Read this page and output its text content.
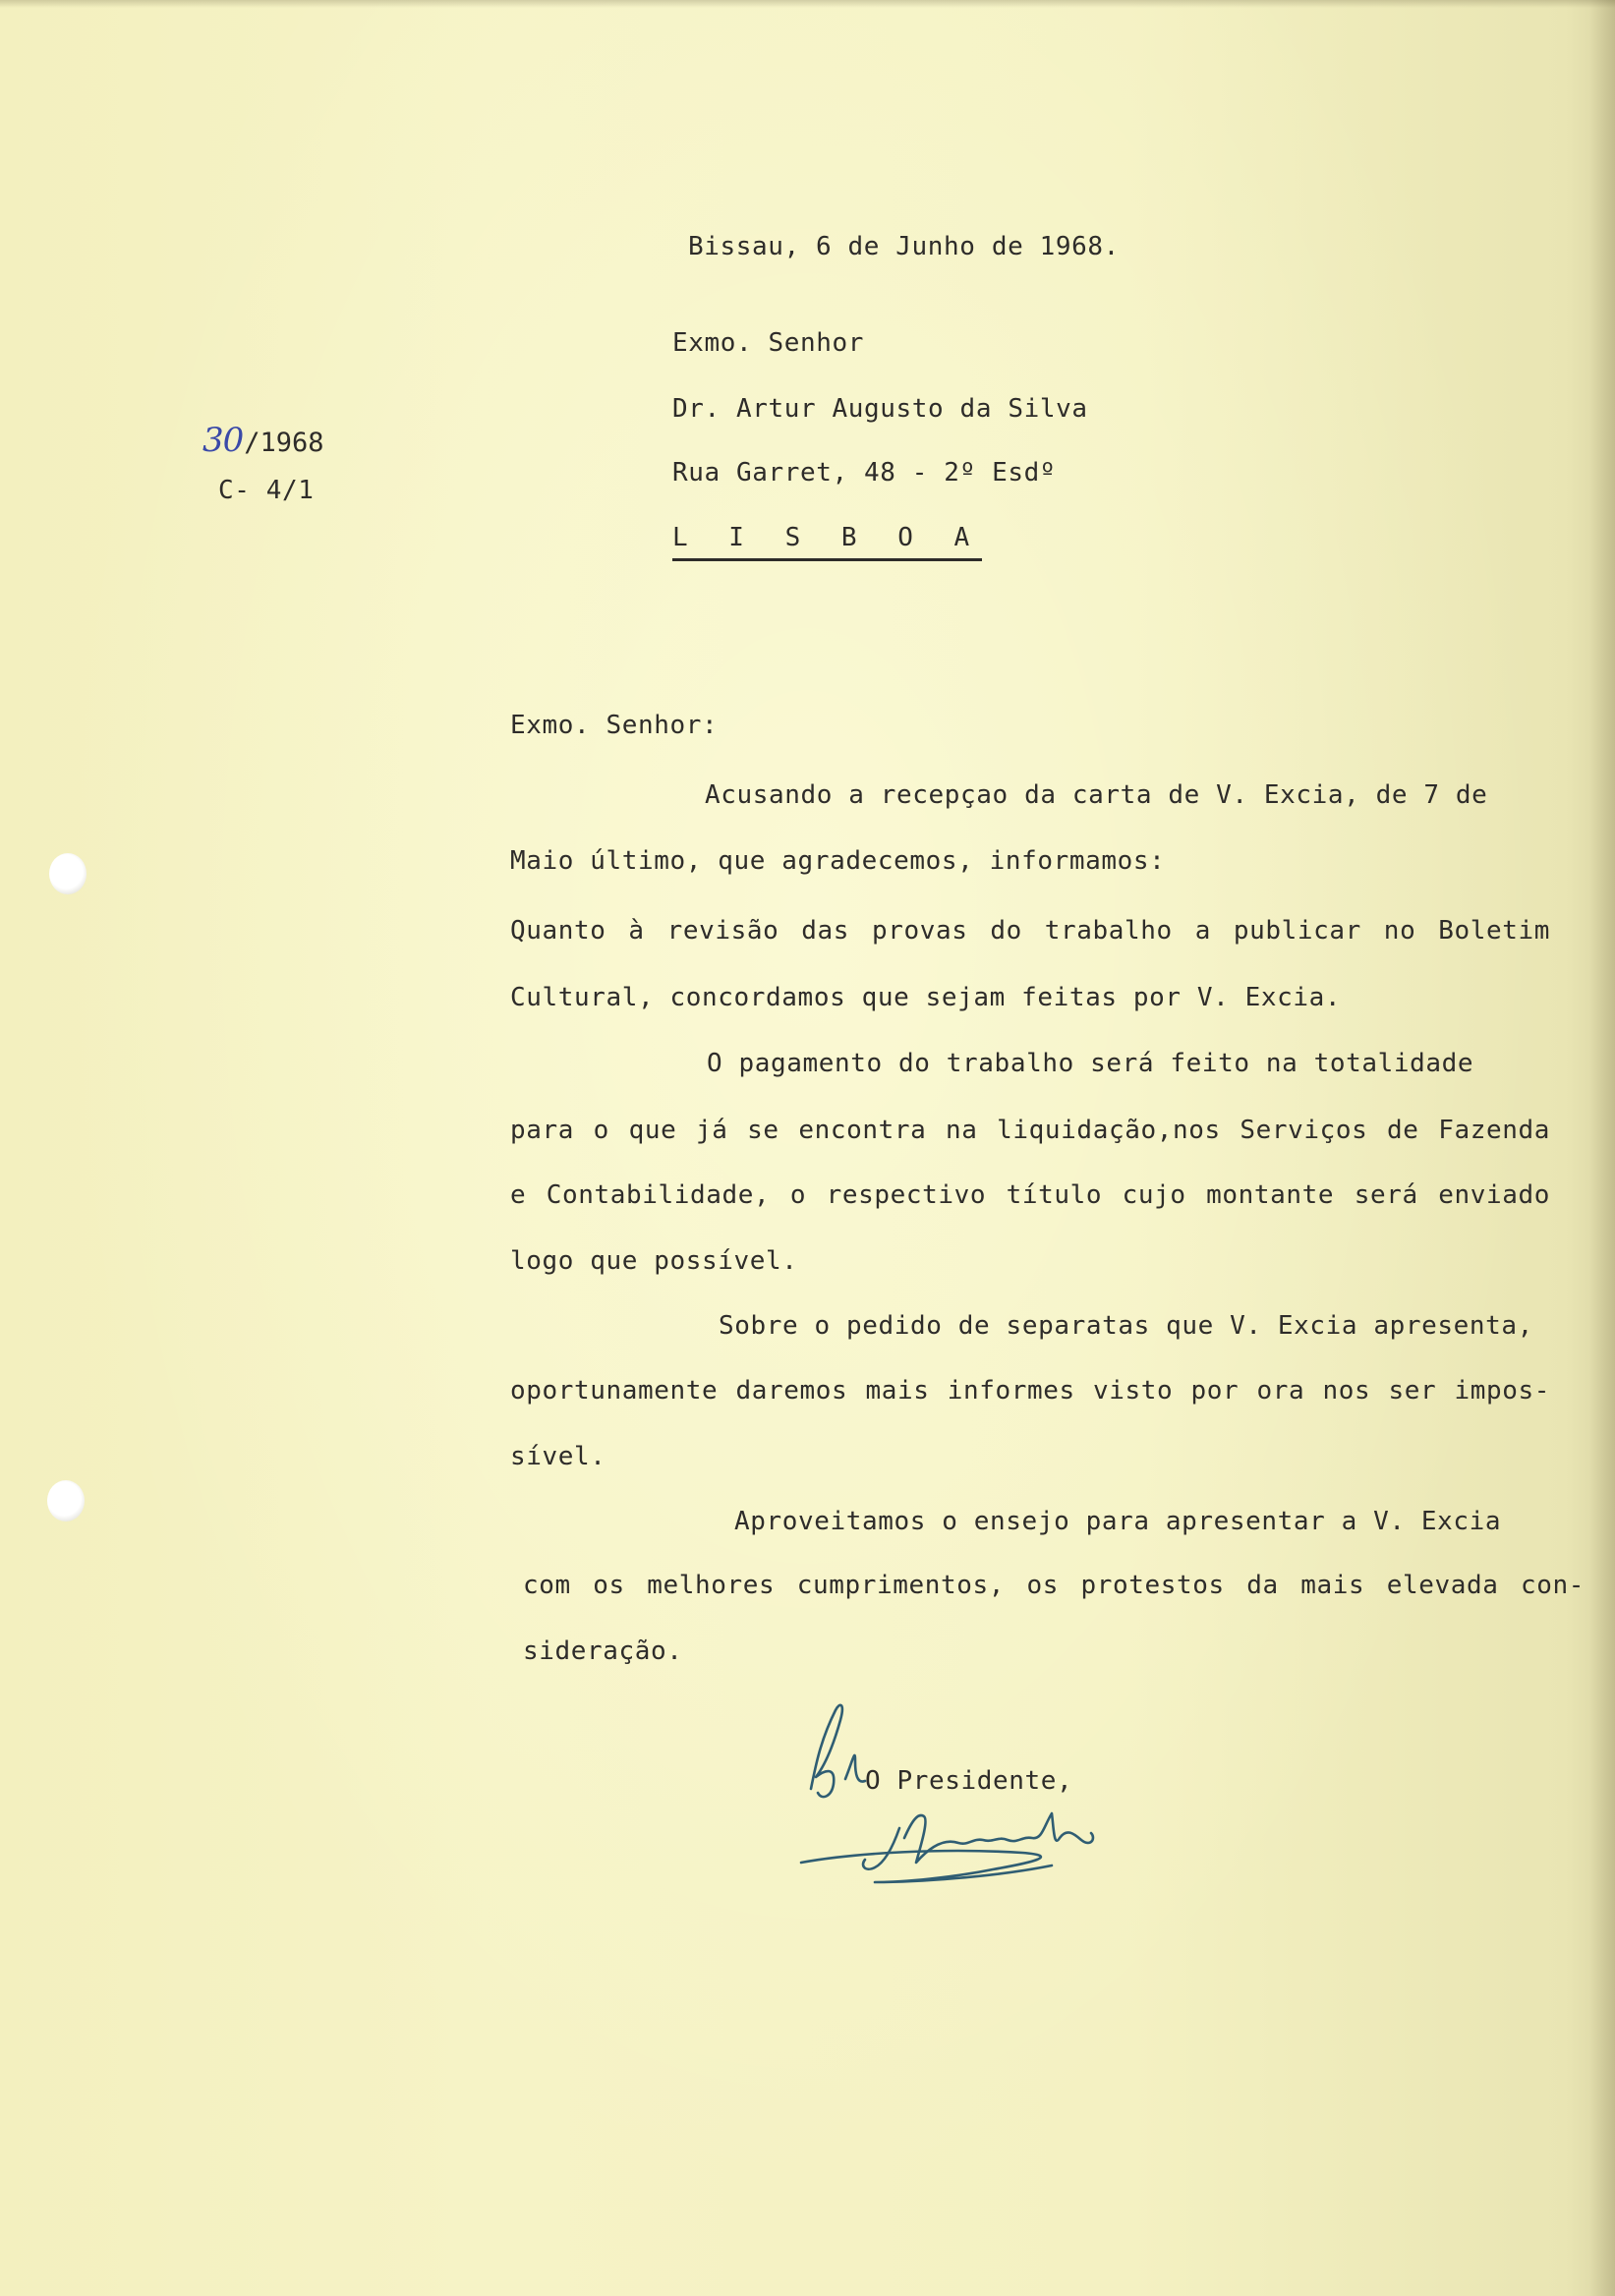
30/1968

C- 4/1

Bissau, 6 de Junho de 1968.

Exmo. Senhor

Dr. Artur Augusto da Silva

Rua Garret, 48 - 2º Esdº

L I S B O A

Exmo. Senhor:

Acusando a recepçao da carta de V. Excia, de 7 de

Maio último, que agradecemos, informamos:

Quanto à revisão das provas do trabalho a publicar no Boletim

Cultural, concordamos que sejam feitas por V. Excia.

O pagamento do trabalho será feito na totalidade

para o que já se encontra na liquidação,nos Serviços de Fazenda

e Contabilidade, o respectivo título cujo montante será enviado

logo que possível.

Sobre o pedido de separatas que V. Excia apresenta,

oportunamente daremos mais informes visto por ora nos ser impos-

sível.

Aproveitamos o ensejo para apresentar a V. Excia

com os melhores cumprimentos, os protestos da mais elevada con-

sideração.

O Presidente,
